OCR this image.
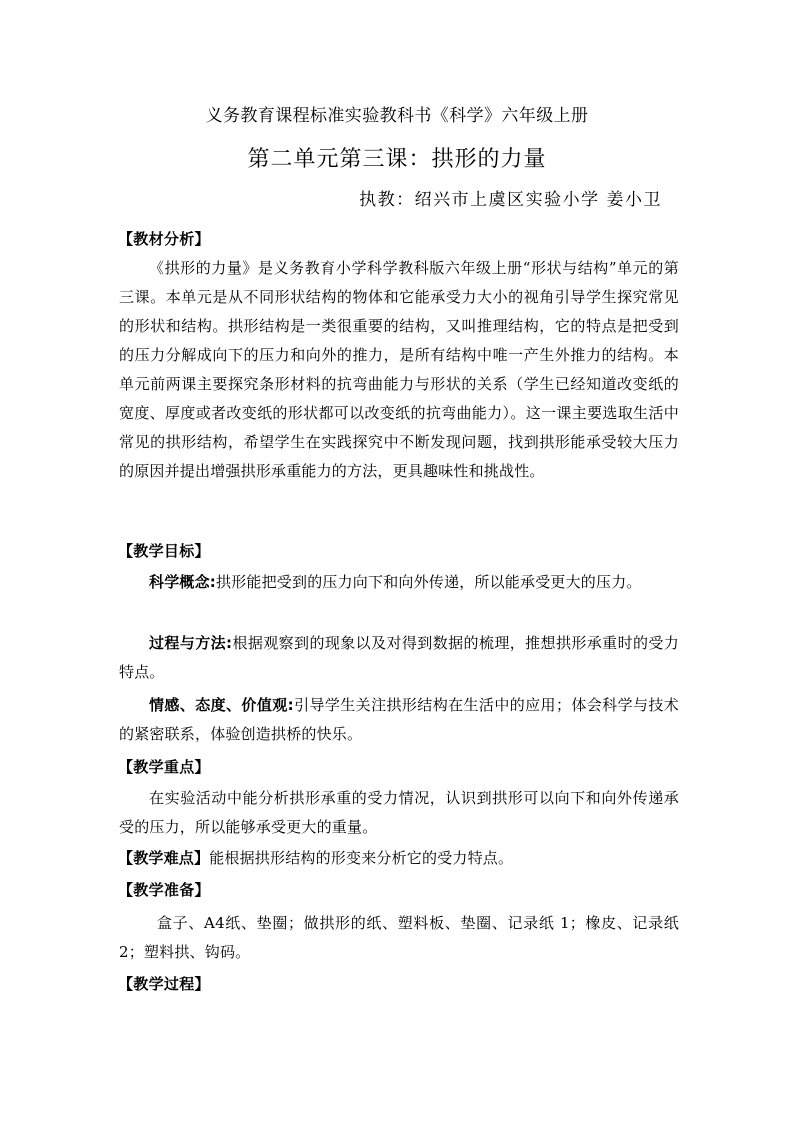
义务教育课程标准实验教科书《科学》六年级上册
第二单元第三课：拱形的力量
执教：绍兴市上虞区实验小学 姜小卫
【教材分析】

《拱形的力量》是义务教育小学科学教科版六年级上册“形状与结构”单元的第三课。本单元是从不同形状结构的物体和它能承受力大小的视角引导学生探究常见的形状和结构。拱形结构是一类很重要的结构，又叫推理结构，它的特点是把受到的压力分解成向下的压力和向外的推力，是所有结构中唯一产生外推力的结构。本单元前两课主要探究条形材料的抗弯曲能力与形状的关系（学生已经知道改变纸的宽度、厚度或者改变纸的形状都可以改变纸的抗弯曲能力）。这一课主要选取生活中常见的拱形结构，希望学生在实践探究中不断发现问题，找到拱形能承受较大压力的原因并提出增强拱形承重能力的方法，更具趣味性和挑战性。

【教学目标】

科学概念:拱形能把受到的压力向下和向外传递，所以能承受更大的压力。

过程与方法:根据观察到的现象以及对得到数据的梳理，推想拱形承重时的受力特点。

情感、态度、价值观:引导学生关注拱形结构在生活中的应用；体会科学与技术的紧密联系，体验创造拱桥的快乐。

【教学重点】

在实验活动中能分析拱形承重的受力情况，认识到拱形可以向下和向外传递承受的压力，所以能够承受更大的重量。

【教学难点】能根据拱形结构的形变来分析它的受力特点。
【教学准备】

盒子、A4纸、垫圈；做拱形的纸、塑料板、垫圈、记录纸 1；橡皮、记录纸 2；塑料拱、钩码。

【教学过程】
